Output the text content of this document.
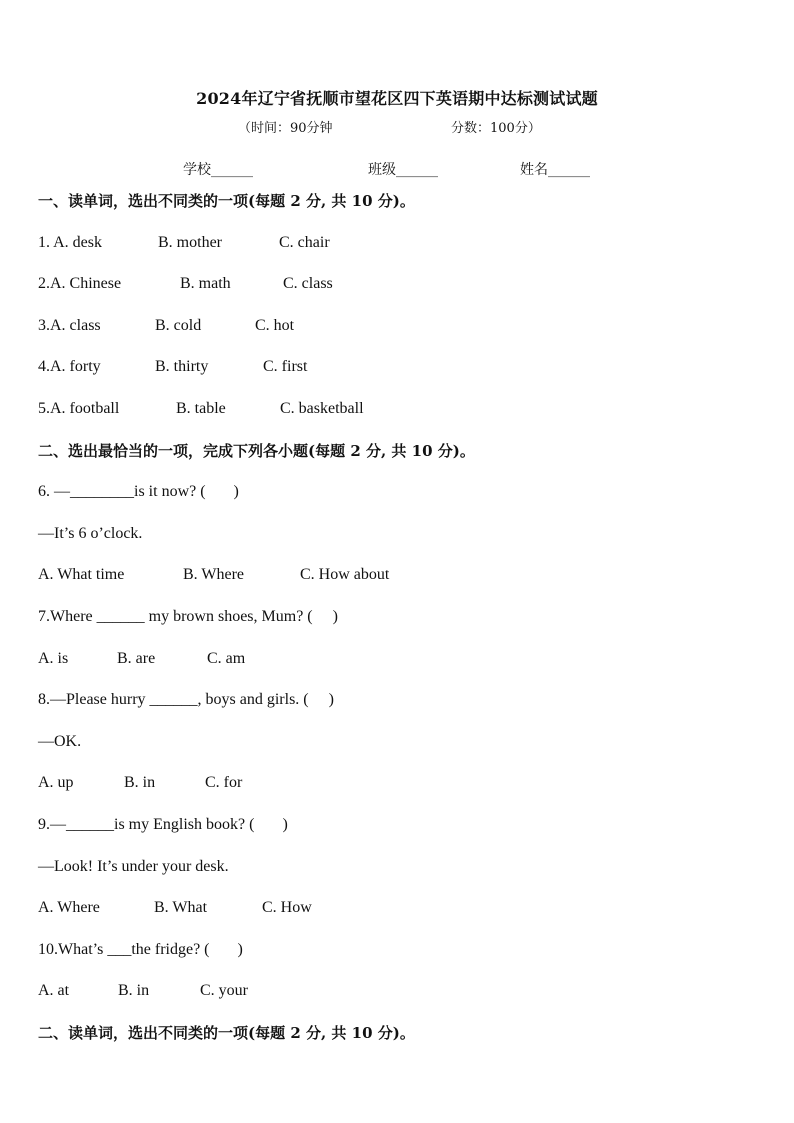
2024年辽宁省抚顺市望花区四下英语期中达标测试试题
（时间：90分钟	分数：100分）
学校______	班级______	姓名______
一、读单词，选出不同类的一项(每题 2 分, 共 10 分)。
1. A. desk	B. mother	C. chair
2.A. Chinese	B. math	C. class
3.A. class	B. cold	C. hot
4.A. forty	B. thirty	C. first
5.A. football	B. table	C. basketball
二、选出最恰当的一项，完成下列各小题(每题 2 分, 共 10 分)。
6. —________is it now? (       )
—It’s 6 o’clock.
A. What time	B. Where	C. How about
7.Where ______ my brown shoes, Mum? (     )
A. is	B. are	C. am
8.—Please hurry ______, boys and girls. (     )
—OK.
A. up	B. in	C. for
9.—______is my English book? (       )
—Look! It’s under your desk.
A. Where	B. What	C. How
10.What’s ___the fridge? (       )
A. at	B. in	C. your
二、读单词，选出不同类的一项(每题 2 分, 共 10 分)。
